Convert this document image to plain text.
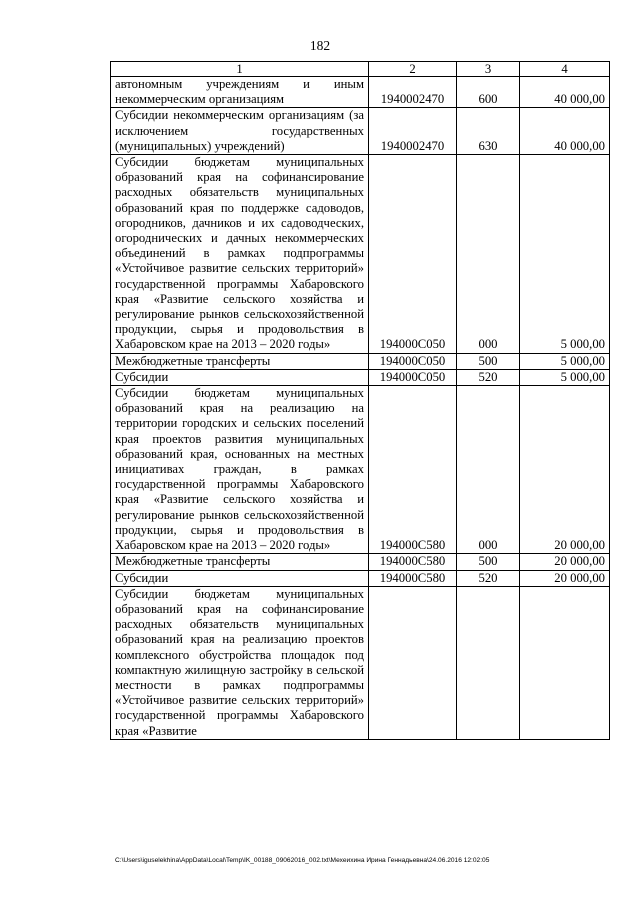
182
1	2	3	4
автономным учреждениям и иным некоммерческим организациям	1940002470	600	40 000,00
Субсидии некоммерческим организациям (за исключением государственных (муниципальных) учреждений)	1940002470	630	40 000,00
Субсидии бюджетам муниципальных образований края на софинансирование расходных обязательств муниципальных образований края по поддержке садоводов, огородников, дачников и их садоводческих, огороднических и дачных некоммерческих объединений в рамках подпрограммы «Устойчивое развитие сельских территорий» государственной программы Хабаровского края «Развитие сельского хозяйства и регулирование рынков сельскохозяйственной продукции, сырья и продовольствия в Хабаровском крае на 2013 – 2020 годы»	194000C050	000	5 000,00
Межбюджетные трансферты	194000C050	500	5 000,00
Субсидии	194000C050	520	5 000,00
Субсидии бюджетам муниципальных образований края на реализацию на территории городских и сельских поселений края проектов развития муниципальных образований края, основанных на местных инициативах граждан, в рамках государственной программы Хабаровского края «Развитие сельского хозяйства и регулирование рынков сельскохозяйственной продукции, сырья и продовольствия в Хабаровском крае на 2013 – 2020 годы»	194000C580	000	20 000,00
Межбюджетные трансферты	194000C580	500	20 000,00
Субсидии	194000C580	520	20 000,00
Субсидии бюджетам муниципальных образований края на софинансирование расходных обязательств муниципальных образований края на реализацию проектов комплексного обустройства площадок под компактную жилищную застройку в сельской местности в рамках подпрограммы «Устойчивое развитие сельских территорий» государственной программы Хабаровского края «Развитие			
C:\Users\iguselekhina\AppData\Local\Temp\IK_00188_09062016_002.txt\Мехеихина Ирина Геннадьевна\24.06.2016 12:02:05
